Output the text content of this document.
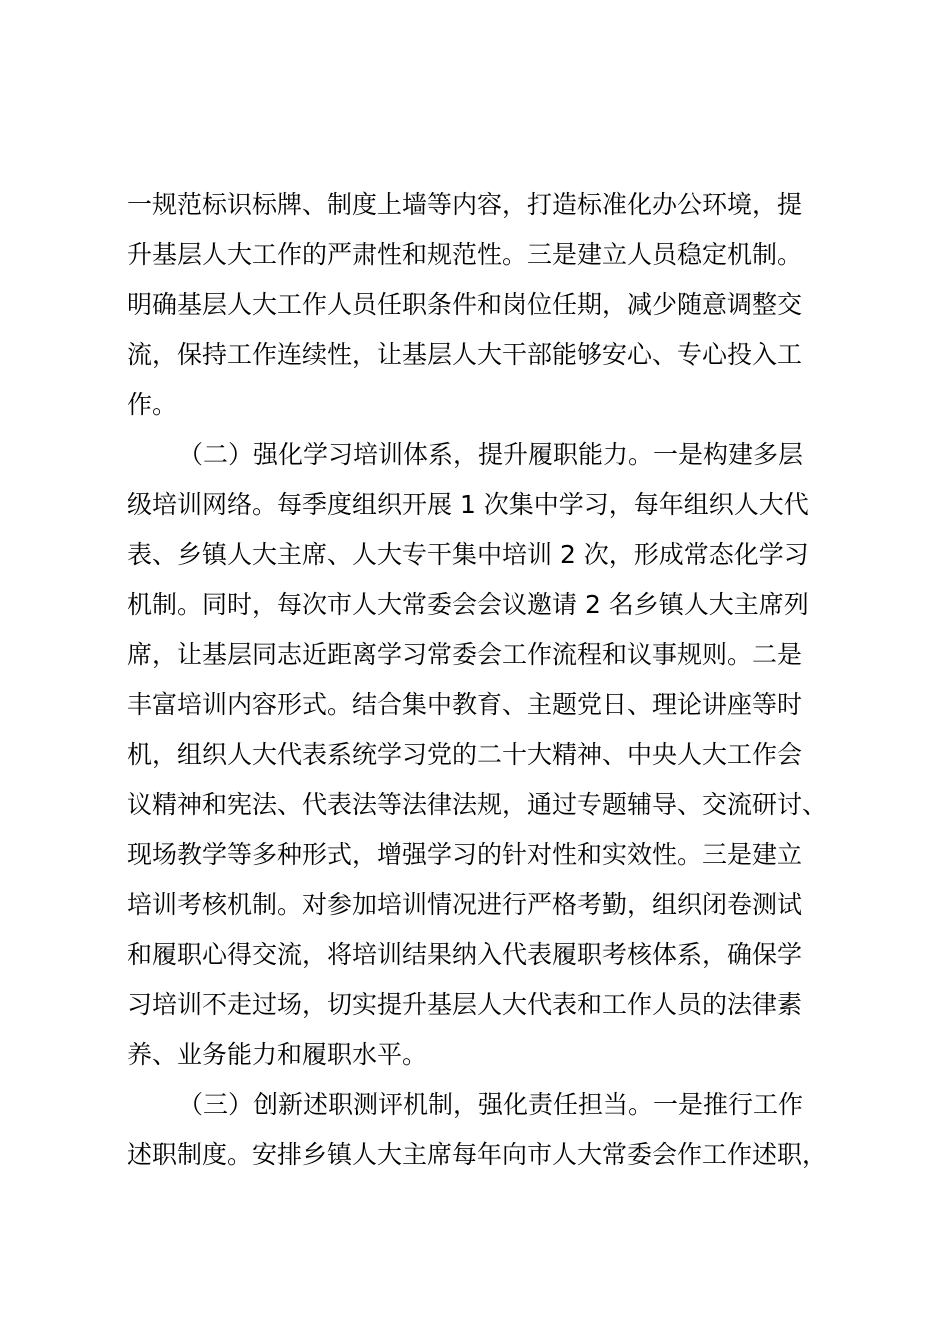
一规范标识标牌、制度上墙等内容，打造标准化办公环境，提
升基层人大工作的严肃性和规范性。三是建立人员稳定机制。
明确基层人大工作人员任职条件和岗位任期，减少随意调整交
流，保持工作连续性，让基层人大干部能够安心、专心投入工
作。
（二）强化学习培训体系，提升履职能力。一是构建多层
级培训网络。每季度组织开展 1 次集中学习，每年组织人大代
表、乡镇人大主席、人大专干集中培训 2 次，形成常态化学习
机制。同时，每次市人大常委会会议邀请 2 名乡镇人大主席列
席，让基层同志近距离学习常委会工作流程和议事规则。二是
丰富培训内容形式。结合集中教育、主题党日、理论讲座等时
机，组织人大代表系统学习党的二十大精神、中央人大工作会
议精神和宪法、代表法等法律法规，通过专题辅导、交流研讨、
现场教学等多种形式，增强学习的针对性和实效性。三是建立
培训考核机制。对参加培训情况进行严格考勤，组织闭卷测试
和履职心得交流，将培训结果纳入代表履职考核体系，确保学
习培训不走过场，切实提升基层人大代表和工作人员的法律素
养、业务能力和履职水平。
（三）创新述职测评机制，强化责任担当。一是推行工作
述职制度。安排乡镇人大主席每年向市人大常委会作工作述职，
